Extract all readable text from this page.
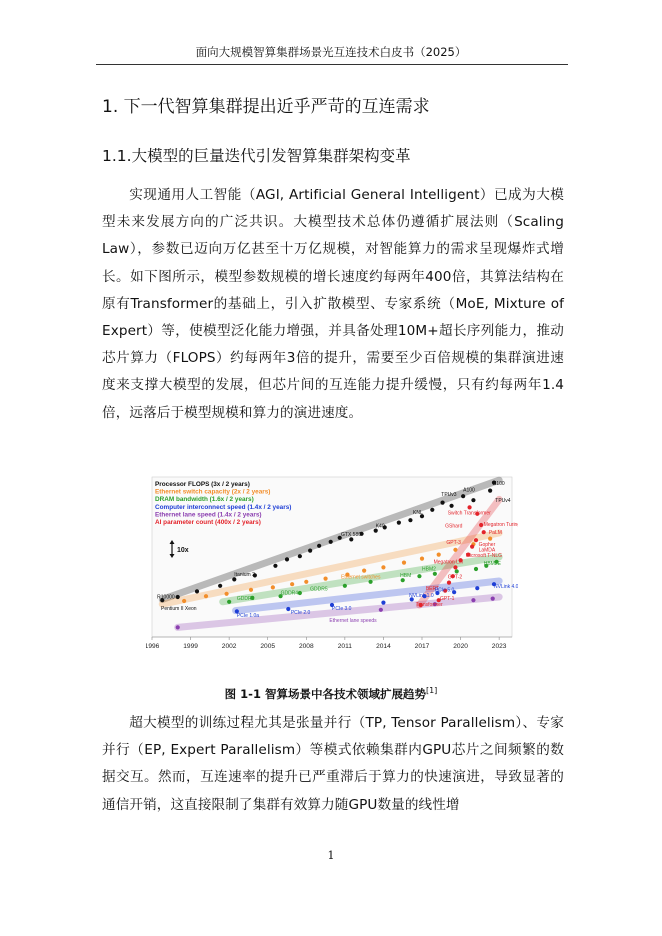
面向大规模智算集群场景光互连技术白皮书（2025）
1. 下一代智算集群提出近乎严苛的互连需求
1.1.大模型的巨量迭代引发智算集群架构变革

实现通用人工智能（AGI, Artificial General Intelligent）已成为大模型未来发展方向的广泛共识。大模型技术总体仍遵循扩展法则（Scaling Law），参数已迈向万亿甚至十万亿规模，对智能算力的需求呈现爆炸式增长。如下图所示，模型参数规模的增长速度约每两年400倍，其算法结构在原有Transformer的基础上，引入扩散模型、专家系统（MoE, Mixture of Expert）等，使模型泛化能力增强，并具备处理10M+超长序列能力，推动芯片算力（FLOPS）约每两年3倍的提升，需要至少百倍规模的集群演进速度来支撑大模型的发展，但芯片间的互连能力提升缓慢，只有约每两年1.4倍，远落后于模型规模和算力的演进速度。

H100
A100
TPUv3
TPUv4
KNL
K40
GTX 580
Itanium 2
R10000
Pentium II Xeon
Switch Transformer
GShard	Megatron Turing
PaLM
GPT-3	Gopher
LaMDA
Microsoft T-NLG
Megatron LM
GPT-2
BERT
GPT-1
Transformer
HBM2E
HBM2
HBM
GDDR5
GDDR4
GDDR3
Ethernet switches
NVLink 4.0
NVLink 1.0
PCIe 5.0
PCIe 3.0
PCIe 2.0
PCIe 1.0a
Ethernet lane speeds
Processor FLOPS (3x / 2 years)
Ethernet switch capacity (2x / 2 years)
DRAM bandwidth (1.6x / 2 years)
Computer interconnect speed (1.4x / 2 years)
Ethernet lane speed (1.4x / 2 years)
AI parameter count (400x / 2 years)
10x
1996	1999	2002	2005	2008	2011	2014	2017	2020	2023
图 1-1 智算场景中各技术领域扩展趋势[1]

超大模型的训练过程尤其是张量并行（TP, Tensor Parallelism）、专家并行（EP, Expert Parallelism）等模式依赖集群内GPU芯片之间频繁的数据交互。然而，互连速率的提升已严重滞后于算力的快速演进，导致显著的通信开销，这直接限制了集群有效算力随GPU数量的线性增

1
